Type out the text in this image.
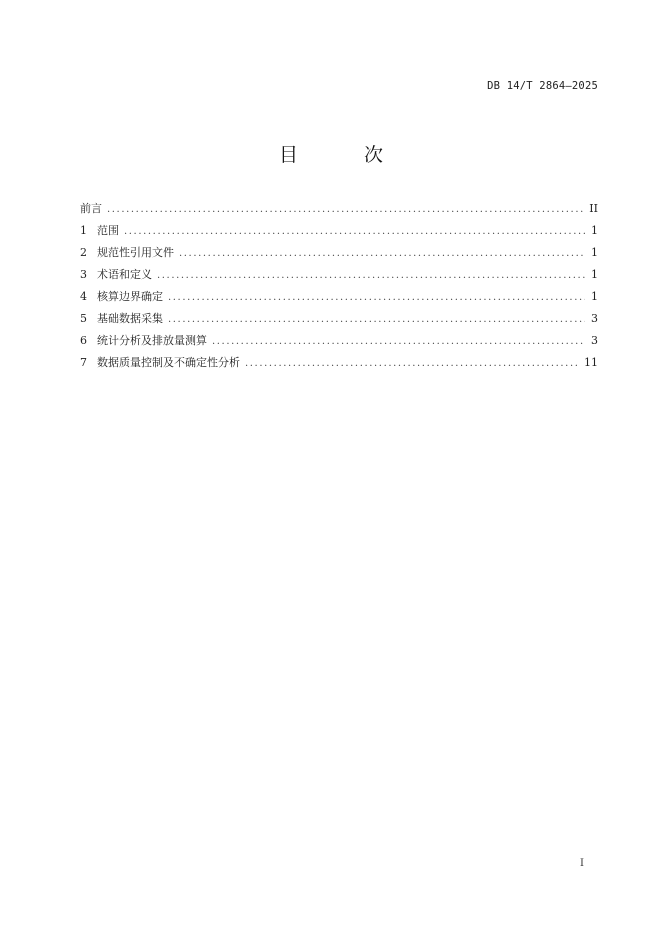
DB 14/T 2864—2025
目 次
前言 .....	II
1 范围 .....	1
2 规范性引用文件 .....	1
3 术语和定义 .....	1
4 核算边界确定 .....	1
5 基础数据采集 .....	3
6 统计分析及排放量测算 .....	3
7 数据质量控制及不确定性分析 .....	11
I
